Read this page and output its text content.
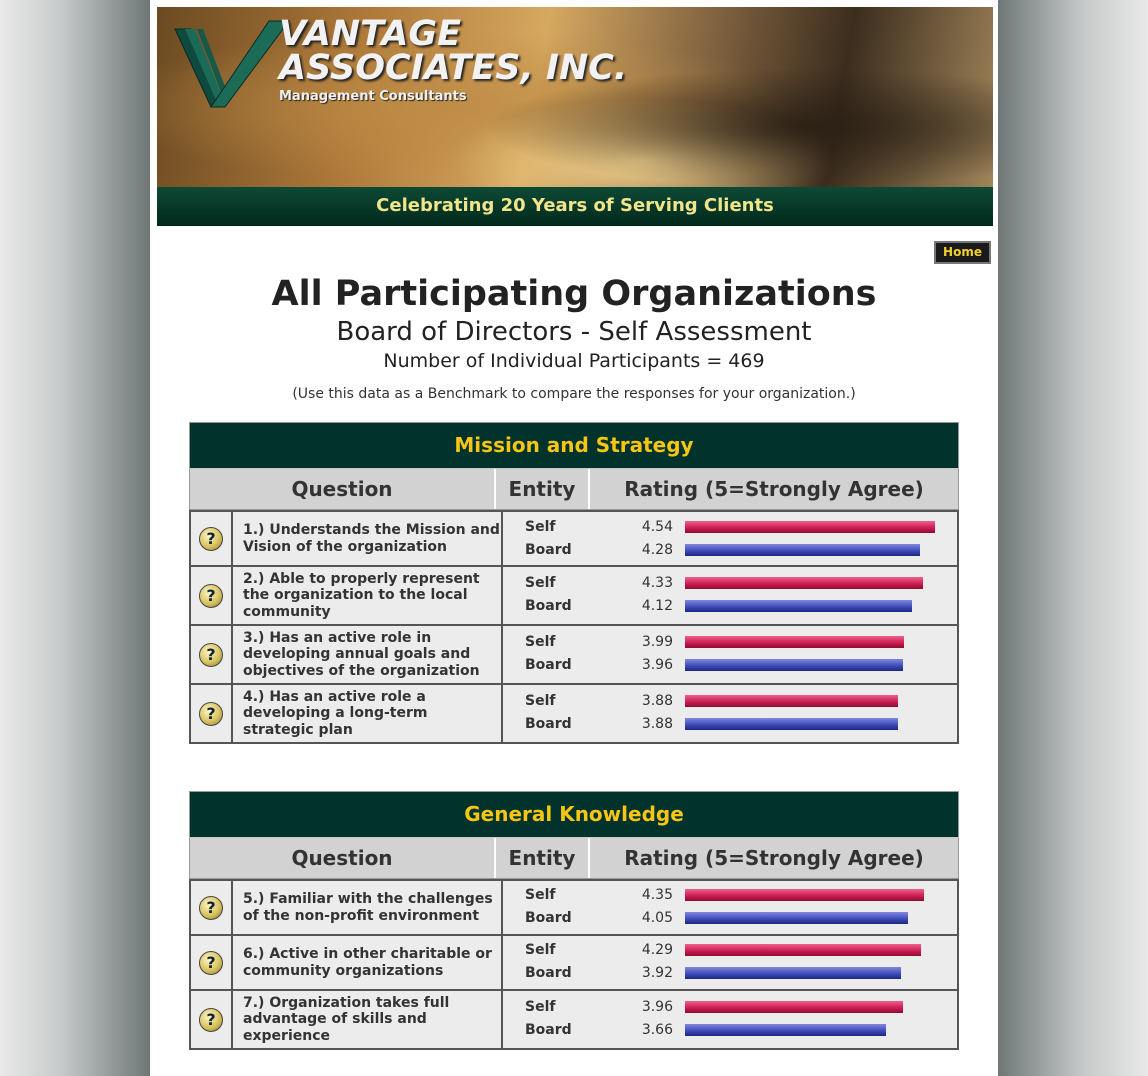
VANTAGE
ASSOCIATES, INC.
Management Consultants
Celebrating 20 Years of Serving Clients
Home
All Participating Organizations
Board of Directors - Self Assessment
Number of Individual Participants = 469
(Use this data as a Benchmark to compare the responses for your organization.)
Mission and Strategy
Question	Entity	Rating (5=Strongly Agree)
?	1.) Understands the Mission and Vision of the organization
Self	4.54
Board	4.28
?
2.) Able to properly represent the organization to the local community
Self	4.33
Board	4.12
?
3.) Has an active role in developing annual goals and objectives of the organization
Self	3.99
Board	3.96
?
4.) Has an active role a developing a long-term strategic plan
Self	3.88
Board	3.88
General Knowledge
Question	Entity	Rating (5=Strongly Agree)
?	5.) Familiar with the challenges of the non-profit environment
Self	4.35
Board	4.05
?	6.) Active in other charitable or community organizations
Self	4.29
Board	3.92
?
7.) Organization takes full advantage of skills and experience
Self	3.96
Board	3.66
